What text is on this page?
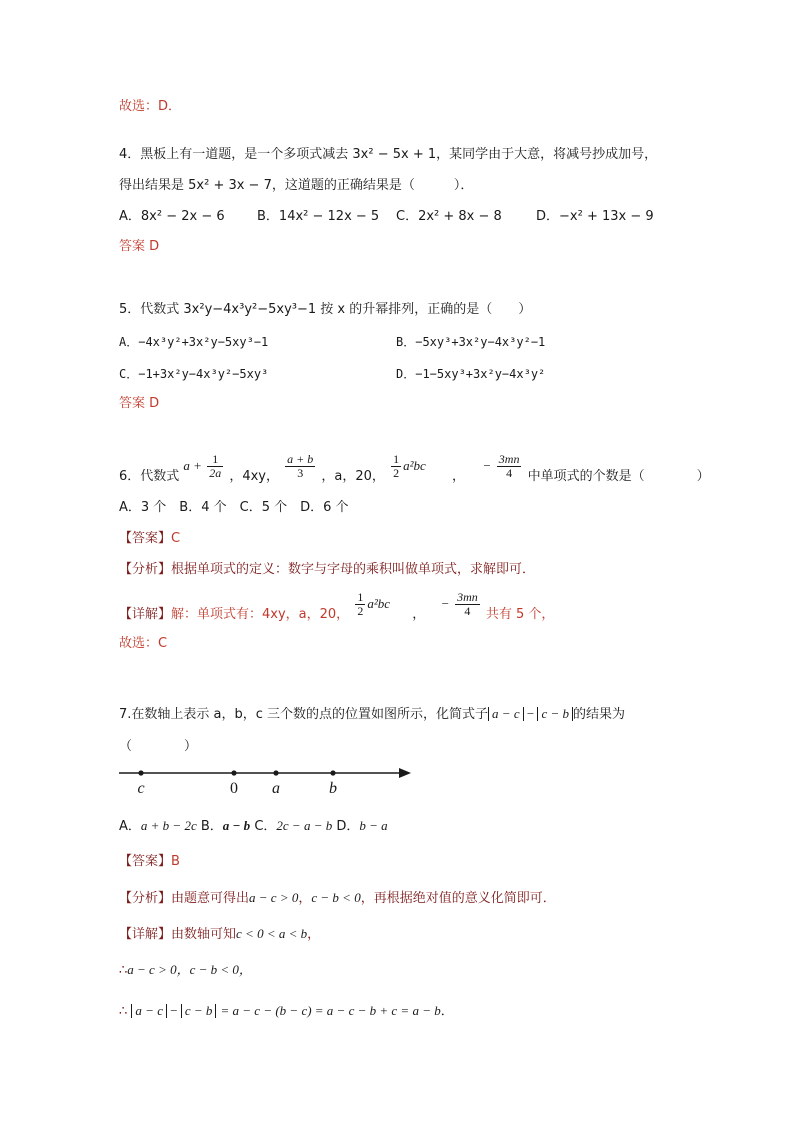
故选：D．
4．黑板上有一道题，是一个多项式减去 3x² − 5x + 1，某同学由于大意，将减号抄成加号，
得出结果是 5x² + 3x − 7，这道题的正确结果是（　　　）．
A．8x² − 2x − 6 B．14x² − 12x − 5 C．2x² + 8x − 8	D．−x² + 13x − 9
答案 D
5．代数式 3x²y−4x³y²−5xy³−1 按 x 的升幂排列，正确的是（　　）
A．−4x³y²+3x²y−5xy³−1	B．−5xy³+3x²y−4x³y²−1
C．−1+3x²y−4x³y²−5xy³	D．−1−5xy³+3x²y−4x³y²
答案 D
6．代数式 $a + \frac{1}{2a}$ ，4xy， $\frac{a + b}{3}$ ，a，20， $\frac{1}{2} a^2bc$  ，  − $\frac{3mn}{4}$ 中单项式的个数是（　　　　）
A．3 个　B．4 个　C．5 个　D．6 个
【答案】C
【分析】根据单项式的定义：数字与字母的乘积叫做单项式，求解即可．
【详解】解：单项式有：4xy，a，20， $\frac{1}{2} a^2bc$  ，  − $\frac{3mn}{4}$ 共有 5 个，
故选：C
7.在数轴上表示 a，b，c 三个数的点的位置如图所示，化简式子 a − c − c − b 的结果为
（　　　　）
c	0 a	b
A．a + b − 2c B．a − b C．2c − a − b D．b − a
【答案】B
【分析】由题意可得出a − c > 0，c − b < 0，再根据绝对值的意义化简即可．
【详解】由数轴可知c < 0 < a < b，
∴a − c > 0，c − b < 0，
∴ a − c − c − b = a − c − (b − c) = a − c − b + c = a − b．
